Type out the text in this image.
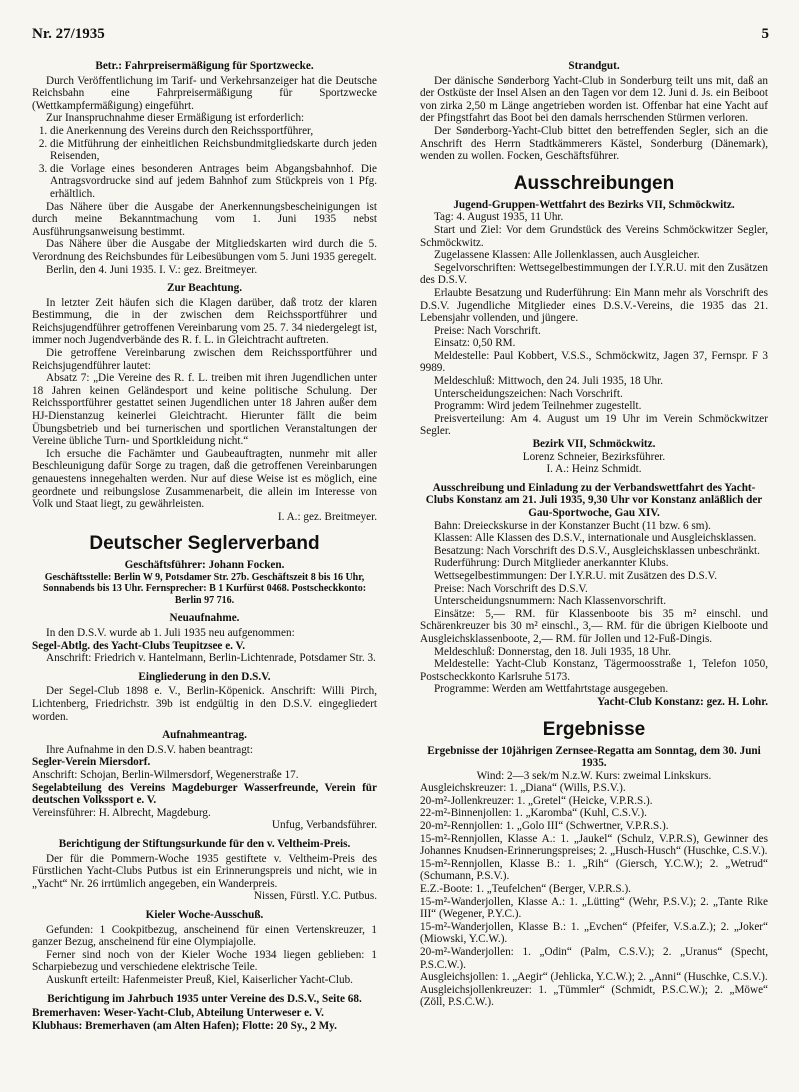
Nr. 27/1935	5

Betr.: Fahrpreisermäßigung für Sportzwecke.

Durch Veröffentlichung im Tarif- und Verkehrsanzeiger hat die Deutsche Reichsbahn eine Fahrpreisermäßigung für Sportzwecke (Wettkampfermäßigung) eingeführt.

Zur Inanspruchnahme dieser Ermäßigung ist erforderlich:

1. die Anerkennung des Vereins durch den Reichssportführer,
2. die Mitführung der einheitlichen Reichsbundmitgliedskarte durch jeden Reisenden,
3. die Vorlage eines besonderen Antrages beim Abgangsbahnhof. Die Antragsvordrucke sind auf jedem Bahnhof zum Stückpreis von 1 Pfg. erhältlich.

Das Nähere über die Ausgabe der Anerkennungsbescheinigungen ist durch meine Bekanntmachung vom 1. Juni 1935 nebst Ausführungsanweisung bestimmt.

Das Nähere über die Ausgabe der Mitgliedskarten wird durch die 5. Verordnung des Reichsbundes für Leibesübungen vom 5. Juni 1935 geregelt.

Berlin, den 4. Juni 1935. I. V.: gez. Breitmeyer.

Zur Beachtung.

In letzter Zeit häufen sich die Klagen darüber, daß trotz der klaren Bestimmung, die in der zwischen dem Reichssportführer und Reichsjugendführer getroffenen Vereinbarung vom 25. 7. 34 niedergelegt ist, immer noch Jugendverbände des R. f. L. in Gleichtracht auftreten.

Die getroffene Vereinbarung zwischen dem Reichssportführer und Reichsjugendführer lautet:

Absatz 7: „Die Vereine des R. f. L. treiben mit ihren Jugendlichen unter 18 Jahren keinen Geländesport und keine politische Schulung. Der Reichssportführer gestattet seinen Jugendlichen unter 18 Jahren außer dem HJ-Dienstanzug keinerlei Gleichtracht. Hierunter fällt die beim Übungsbetrieb und bei turnerischen und sportlichen Veranstaltungen der Vereine übliche Turn- und Sportkleidung nicht.“

Ich ersuche die Fachämter und Gaubeauftragten, nunmehr mit aller Beschleunigung dafür Sorge zu tragen, daß die getroffenen Vereinbarungen genauestens innegehalten werden. Nur auf diese Weise ist es möglich, eine geordnete und reibungslose Zusammenarbeit, die allein im Interesse von Volk und Staat liegt, zu gewährleisten.

I. A.: gez. Breitmeyer.

Deutscher Seglerverband

Geschäftsführer: Johann Focken.

Geschäftsstelle: Berlin W 9, Potsdamer Str. 27b. Geschäftszeit 8 bis 16 Uhr, Sonnabends bis 13 Uhr. Fernsprecher: B 1 Kurfürst 0468. Postscheckkonto: Berlin 97 716.

Neuaufnahme.

In den D.S.V. wurde ab 1. Juli 1935 neu aufgenommen:

Segel-Abtlg. des Yacht-Clubs Teupitzsee e. V.

Anschrift: Friedrich v. Hantelmann, Berlin-Lichtenrade, Potsdamer Str. 3.

Eingliederung in den D.S.V.

Der Segel-Club 1898 e. V., Berlin-Köpenick. Anschrift: Willi Pirch, Lichtenberg, Friedrichstr. 39b ist endgültig in den D.S.V. eingegliedert worden.

Aufnahmeantrag.

Ihre Aufnahme in den D.S.V. haben beantragt:

Segler-Verein Miersdorf.

Anschrift: Schojan, Berlin-Wilmersdorf, Wegenerstraße 17.

Segelabteilung des Vereins Magdeburger Wasserfreunde, Verein für deutschen Volkssport e. V.

Vereinsführer: H. Albrecht, Magdeburg.

Unfug, Verbandsführer.

Berichtigung der Stiftungsurkunde für den v. Veltheim-Preis.

Der für die Pommern-Woche 1935 gestiftete v. Veltheim-Preis des Fürstlichen Yacht-Clubs Putbus ist ein Erinnerungspreis und nicht, wie in „Yacht“ Nr. 26 irrtümlich angegeben, ein Wanderpreis.

Nissen, Fürstl. Y.C. Putbus.

Kieler Woche-Ausschuß.

Gefunden: 1 Cookpitbezug, anscheinend für einen Vertenskreuzer, 1 ganzer Bezug, anscheinend für eine Olympiajolle.

Ferner sind noch von der Kieler Woche 1934 liegen geblieben: 1 Scharpiebezug und verschiedene elektrische Teile.

Auskunft erteilt: Hafenmeister Preuß, Kiel, Kaiserlicher Yacht-Club.

Berichtigung im Jahrbuch 1935 unter Vereine des D.S.V., Seite 68.

Bremerhaven: Weser-Yacht-Club, Abteilung Unterweser e. V.

Klubhaus: Bremerhaven (am Alten Hafen); Flotte: 20 Sy., 2 My.

Strandgut.

Der dänische Sønderborg Yacht-Club in Sonderburg teilt uns mit, daß an der Ostküste der Insel Alsen an den Tagen vor dem 12. Juni d. Js. ein Beiboot von zirka 2,50 m Länge angetrieben worden ist. Offenbar hat eine Yacht auf der Pfingstfahrt das Boot bei den damals herrschenden Stürmen verloren.

Der Sønderborg-Yacht-Club bittet den betreffenden Segler, sich an die Anschrift des Herrn Stadtkämmerers Kästel, Sonderburg (Dänemark), wenden zu wollen. Focken, Geschäftsführer.

Ausschreibungen

Jugend-Gruppen-Wettfahrt des Bezirks VII, Schmöckwitz.

Tag: 4. August 1935, 11 Uhr.

Start und Ziel: Vor dem Grundstück des Vereins Schmöckwitzer Segler, Schmöckwitz.

Zugelassene Klassen: Alle Jollenklassen, auch Ausgleicher.

Segelvorschriften: Wettsegelbestimmungen der I.Y.R.U. mit den Zusätzen des D.S.V.

Erlaubte Besatzung und Ruderführung: Ein Mann mehr als Vorschrift des D.S.V. Jugendliche Mitglieder eines D.S.V.-Vereins, die 1935 das 21. Lebensjahr vollenden, und jüngere.

Preise: Nach Vorschrift.

Einsatz: 0,50 RM.

Meldestelle: Paul Kobbert, V.S.S., Schmöckwitz, Jagen 37, Fernspr. F 3 9989.

Meldeschluß: Mittwoch, den 24. Juli 1935, 18 Uhr.

Unterscheidungszeichen: Nach Vorschrift.

Programm: Wird jedem Teilnehmer zugestellt.

Preisverteilung: Am 4. August um 19 Uhr im Verein Schmöckwitzer Segler.

Bezirk VII, Schmöckwitz.

Lorenz Schneier, Bezirksführer.

I. A.: Heinz Schmidt.

Ausschreibung und Einladung zu der Verbandswettfahrt des Yacht-Clubs Konstanz am 21. Juli 1935, 9,30 Uhr vor Konstanz anläßlich der Gau-Sportwoche, Gau XIV.

Bahn: Dreieckskurse in der Konstanzer Bucht (11 bzw. 6 sm).

Klassen: Alle Klassen des D.S.V., internationale und Ausgleichsklassen.

Besatzung: Nach Vorschrift des D.S.V., Ausgleichsklassen unbeschränkt.

Ruderführung: Durch Mitglieder anerkannter Klubs.

Wettsegelbestimmungen: Der I.Y.R.U. mit Zusätzen des D.S.V.

Preise: Nach Vorschrift des D.S.V.

Unterscheidungsnummern: Nach Klassenvorschrift.

Einsätze: 5,— RM. für Klassenboote bis 35 m² einschl. und Schärenkreuzer bis 30 m² einschl., 3,— RM. für die übrigen Kielboote und Ausgleichsklassenboote, 2,— RM. für Jollen und 12-Fuß-Dingis.

Meldeschluß: Donnerstag, den 18. Juli 1935, 18 Uhr.

Meldestelle: Yacht-Club Konstanz, Tägermoosstraße 1, Telefon 1050, Postscheckkonto Karlsruhe 5173.

Programme: Werden am Wettfahrtstage ausgegeben.

Yacht-Club Konstanz: gez. H. Lohr.

Ergebnisse

Ergebnisse der 10jährigen Zernsee-Regatta am Sonntag, dem 30. Juni 1935.

Wind: 2—3 sek/m N.z.W. Kurs: zweimal Linkskurs.

Ausgleichskreuzer: 1. „Diana“ (Wills, P.S.V.).

20-m²-Jollenkreuzer: 1. „Gretel“ (Heicke, V.P.R.S.).

22-m²-Binnenjollen: 1. „Karomba“ (Kuhl, C.S.V.).

20-m²-Rennjollen: 1. „Golo III“ (Schwertner, V.P.R.S.).

15-m²-Rennjollen, Klasse A.: 1. „Jaukel“ (Schulz, V.P.R.S), Gewinner des Johannes Knudsen-Erinnerungspreises; 2. „Husch-Husch“ (Huschke, C.S.V.).

15-m²-Rennjollen, Klasse B.: 1. „Rih“ (Giersch, Y.C.W.); 2. „Wetrud“ (Schumann, P.S.V.).

E.Z.-Boote: 1. „Teufelchen“ (Berger, V.P.R.S.).

15-m²-Wanderjollen, Klasse A.: 1. „Lütting“ (Wehr, P.S.V.); 2. „Tante Rike III“ (Wegener, P.Y.C.).

15-m²-Wanderjollen, Klasse B.: 1. „Evchen“ (Pfeifer, V.S.a.Z.); 2. „Joker“ (Miowski, Y.C.W.).

20-m²-Wanderjollen: 1. „Odin“ (Palm, C.S.V.); 2. „Uranus“ (Specht, P.S.C.W.).

Ausgleichsjollen: 1. „Aegir“ (Jehlicka, Y.C.W.); 2. „Anni“ (Huschke, C.S.V.).

Ausgleichsjollenkreuzer: 1. „Tümmler“ (Schmidt, P.S.C.W.); 2. „Möwe“ (Zöll, P.S.C.W.).
